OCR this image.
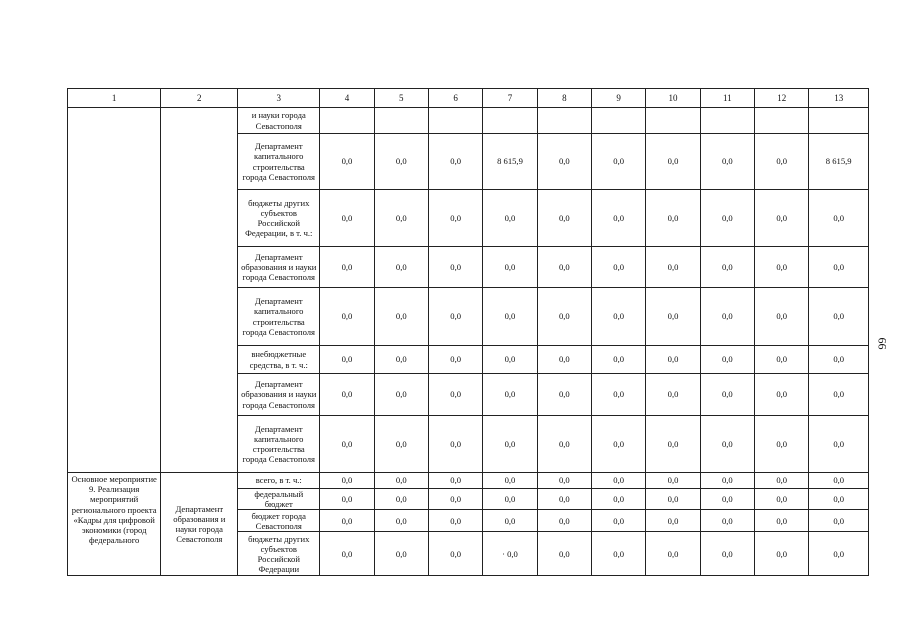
1	2	3	4	5	6	7	8	9	10	11	12	13
		и науки города Севастополя										
		Департамент капитального строительства города Севастополя	0,0	0,0	0,0	8 615,9	0,0	0,0	0,0	0,0	0,0	8 615,9
		бюджеты других субъектов Российской Федерации, в т. ч.:	0,0	0,0	0,0	0,0	0,0	0,0	0,0	0,0	0,0	0,0
		Департамент образования и науки города Севастополя	0,0	0,0	0,0	0,0	0,0	0,0	0,0	0,0	0,0	0,0
		Департамент капитального строительства города Севастополя	0,0	0,0	0,0	0,0	0,0	0,0	0,0	0,0	0,0	0,0
		внебюджетные средства, в т. ч.:	0,0	0,0	0,0	0,0	0,0	0,0	0,0	0,0	0,0	0,0
		Департамент образования и науки города Севастополя	0,0	0,0	0,0	0,0	0,0	0,0	0,0	0,0	0,0	0,0
		Департамент капитального строительства города Севастополя	0,0	0,0	0,0	0,0	0,0	0,0	0,0	0,0	0,0	0,0
Основное мероприятие 9. Реализация мероприятий регионального проекта «Кадры для цифровой экономики (город федерального	Департамент образования и науки города Севастополя	всего, в т. ч.:	0,0	0,0	0,0	0,0	0,0	0,0	0,0	0,0	0,0	0,0
		федеральный бюджет	0,0	0,0	0,0	0,0	0,0	0,0	0,0	0,0	0,0	0,0
		бюджет города Севастополя	0,0	0,0	0,0	0,0	0,0	0,0	0,0	0,0	0,0	0,0
		бюджеты других субъектов Российской Федерации	0,0	0,0	0,0	· 0,0	0,0	0,0	0,0	0,0	0,0	0,0
66
